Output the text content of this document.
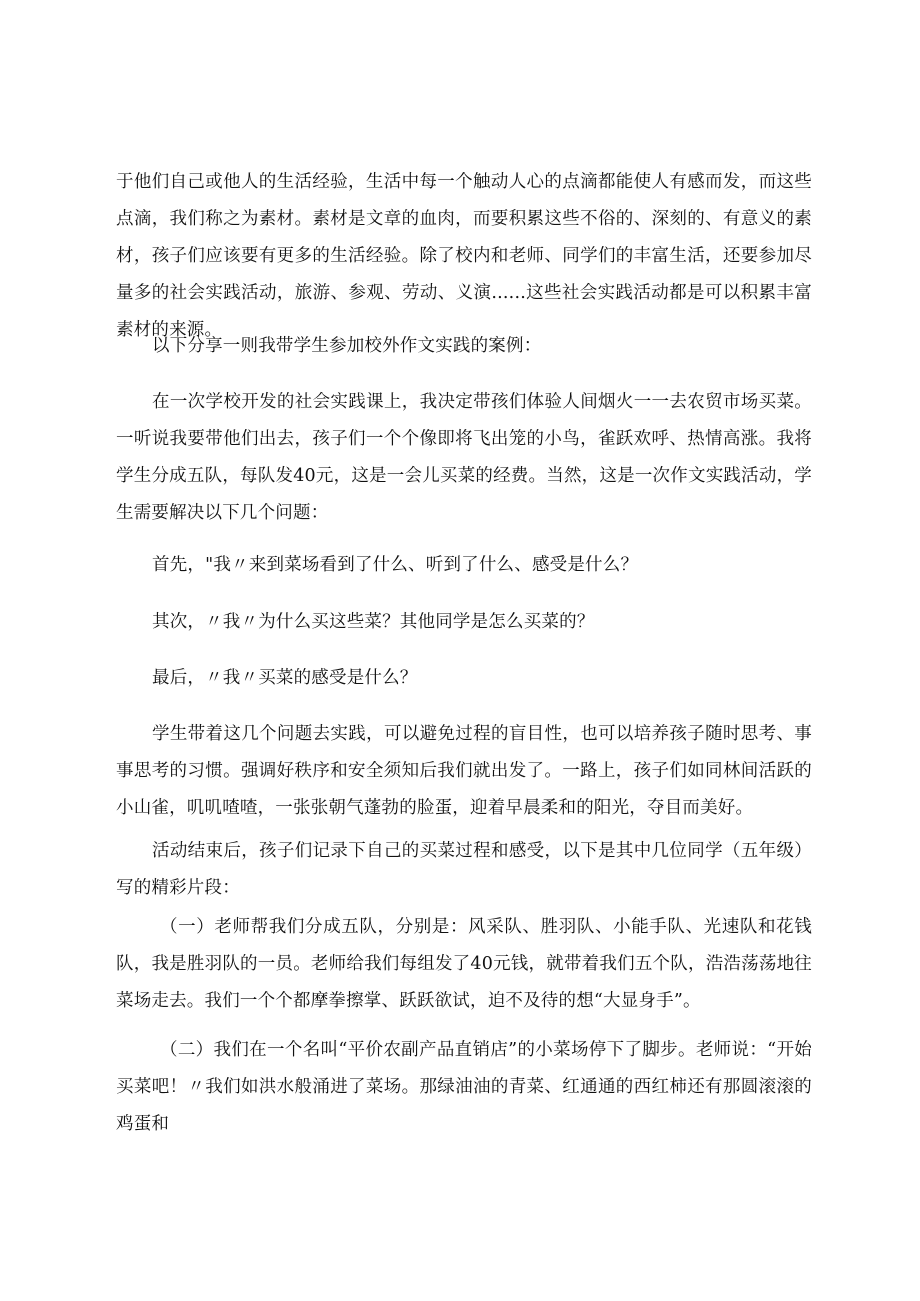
于他们自己或他人的生活经验，生活中每一个触动人心的点滴都能使人有感而发，而这些点滴，我们称之为素材。素材是文章的血肉，而要积累这些不俗的、深刻的、有意义的素材，孩子们应该要有更多的生活经验。除了校内和老师、同学们的丰富生活，还要参加尽量多的社会实践活动，旅游、参观、劳动、义演......这些社会实践活动都是可以积累丰富素材的来源。

以下分享一则我带学生参加校外作文实践的案例：

在一次学校开发的社会实践课上，我决定带孩们体验人间烟火一一去农贸市场买菜。一听说我要带他们出去，孩子们一个个像即将飞出笼的小鸟，雀跃欢呼、热情高涨。我将学生分成五队，每队发40元，这是一会儿买菜的经费。当然，这是一次作文实践活动，学生需要解决以下几个问题：

首先，"我〃来到菜场看到了什么、听到了什么、感受是什么？

其次，〃我〃为什么买这些菜？其他同学是怎么买菜的？

最后，〃我〃买菜的感受是什么？

学生带着这几个问题去实践，可以避免过程的盲目性，也可以培养孩子随时思考、事事思考的习惯。强调好秩序和安全须知后我们就出发了。一路上，孩子们如同林间活跃的小山雀，叽叽喳喳，一张张朝气蓬勃的脸蛋，迎着早晨柔和的阳光，夺目而美好。

活动结束后，孩子们记录下自己的买菜过程和感受，以下是其中几位同学（五年级）写的精彩片段：

（一）老师帮我们分成五队，分别是：风采队、胜羽队、小能手队、光速队和花钱队，我是胜羽队的一员。老师给我们每组发了40元钱，就带着我们五个队，浩浩荡荡地往菜场走去。我们一个个都摩拳擦掌、跃跃欲试，迫不及待的想“大显身手”。

（二）我们在一个名叫“平价农副产品直销店”的小菜场停下了脚步。老师说：“开始买菜吧！〃我们如洪水般涌进了菜场。那绿油油的青菜、红通通的西红柿还有那圆滚滚的鸡蛋和
